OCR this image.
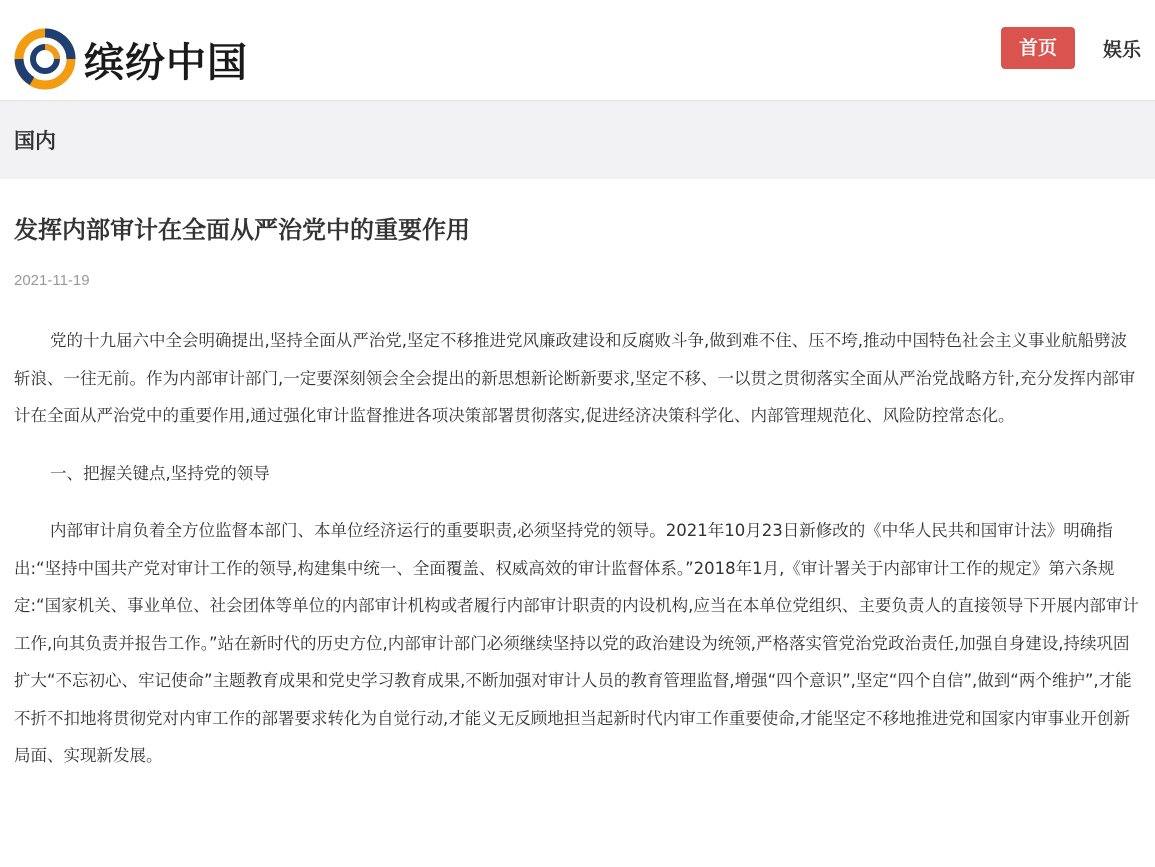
缤纷中国	首页	娱乐
国内
发挥内部审计在全面从严治党中的重要作用
2021-11-19

党的十九届六中全会明确提出,坚持全面从严治党,坚定不移推进党风廉政建设和反腐败斗争,做到难不住、压不垮,推动中国特色社会主义事业航船劈波斩浪、一往无前。作为内部审计部门,一定要深刻领会全会提出的新思想新论断新要求,坚定不移、一以贯之贯彻落实全面从严治党战略方针,充分发挥内部审计在全面从严治党中的重要作用,通过强化审计监督推进各项决策部署贯彻落实,促进经济决策科学化、内部管理规范化、风险防控常态化。

一、把握关键点,坚持党的领导

内部审计肩负着全方位监督本部门、本单位经济运行的重要职责,必须坚持党的领导。2021年10月23日新修改的《中华人民共和国审计法》明确指出:“坚持中国共产党对审计工作的领导,构建集中统一、全面覆盖、权威高效的审计监督体系。”2018年1月,《审计署关于内部审计工作的规定》第六条规定:“国家机关、事业单位、社会团体等单位的内部审计机构或者履行内部审计职责的内设机构,应当在本单位党组织、主要负责人的直接领导下开展内部审计工作,向其负责并报告工作。”站在新时代的历史方位,内部审计部门必须继续坚持以党的政治建设为统领,严格落实管党治党政治责任,加强自身建设,持续巩固扩大“不忘初心、牢记使命”主题教育成果和党史学习教育成果,不断加强对审计人员的教育管理监督,增强“四个意识”,坚定“四个自信”,做到“两个维护”,才能不折不扣地将贯彻党对内审工作的部署要求转化为自觉行动,才能义无反顾地担当起新时代内审工作重要使命,才能坚定不移地推进党和国家内审事业开创新局面、实现新发展。
